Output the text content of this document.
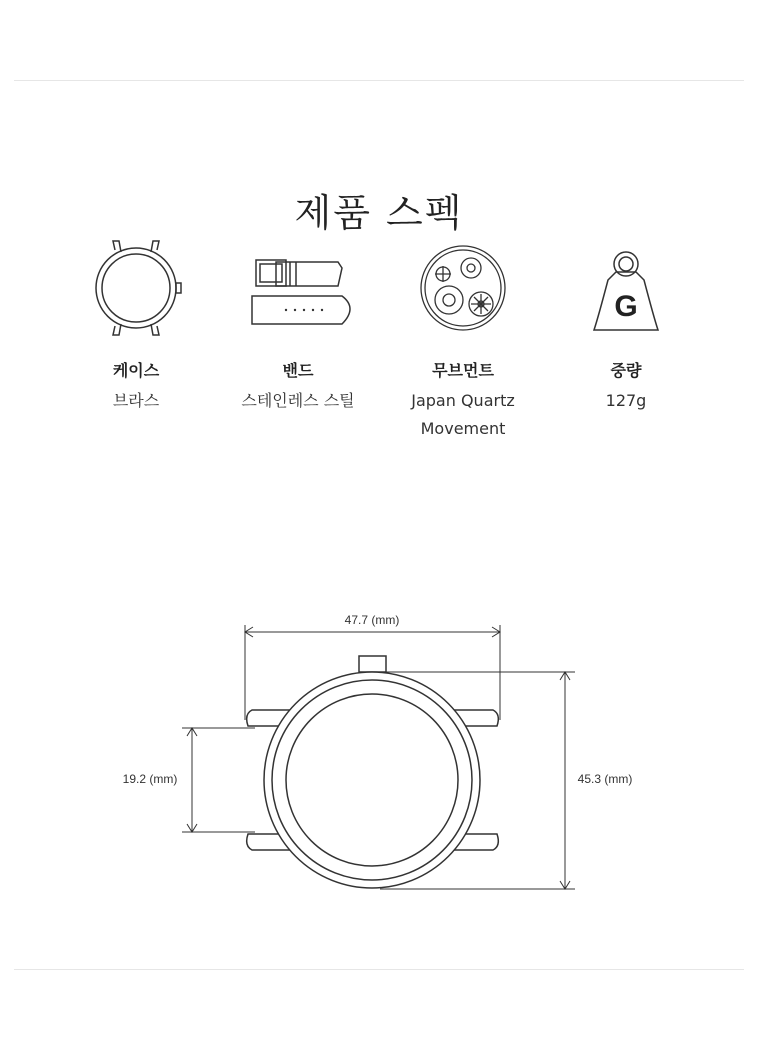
제품 스펙
케이스
브라스
밴드
스테인레스 스틸
무브먼트
Japan Quartz Movement
G
중량
127g
47.7 (mm)
19.2 (mm)	45.3 (mm)
